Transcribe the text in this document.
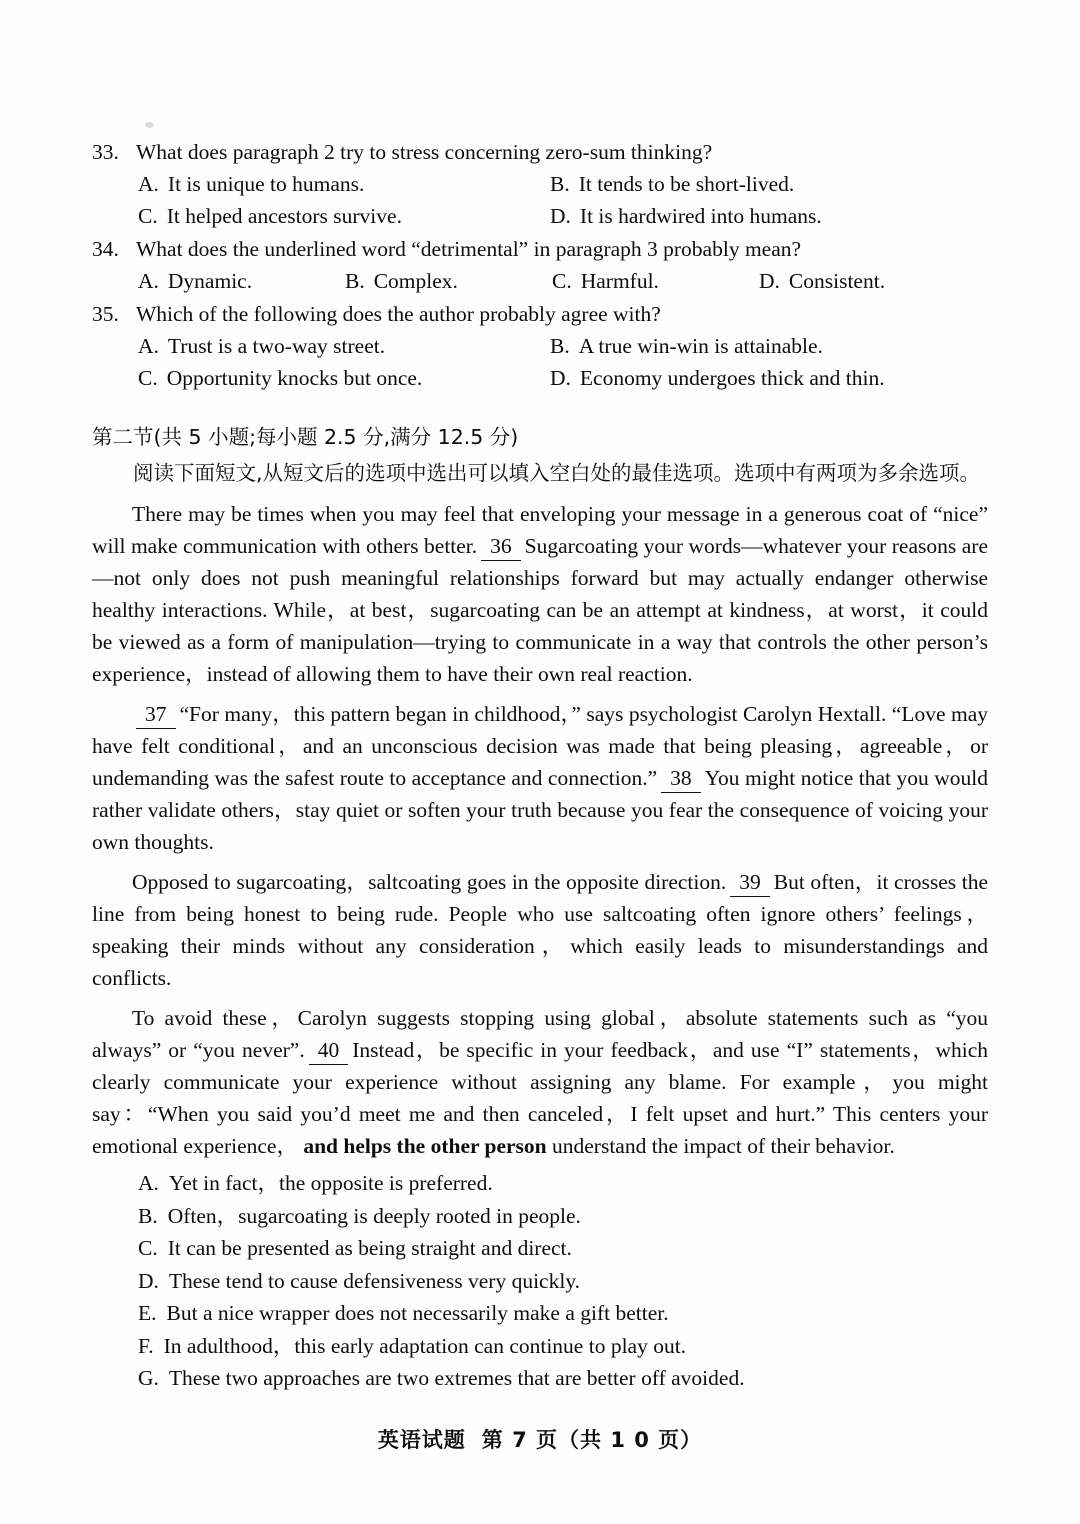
33. What does paragraph 2 try to stress concerning zero-sum thinking?
A. It is unique to humans.	B. It tends to be short-lived.
C. It helped ancestors survive.	D. It is hardwired into humans.
34. What does the underlined word “detrimental” in paragraph 3 probably mean?
A. Dynamic.	B. Complex.	C. Harmful.	D. Consistent.
35. Which of the following does the author probably agree with?
A. Trust is a two-way street.	B. A true win-win is attainable.
C. Opportunity knocks but once.	D. Economy undergoes thick and thin.
第二节(共 5 小题;每小题 2.5 分,满分 12.5 分)
阅读下面短文,从短文后的选项中选出可以填入空白处的最佳选项。选项中有两项为多余选项。
There may be times when you may feel that enveloping your message in a generous coat of “nice” will make communication with others better. 36 Sugarcoating your words—whatever your reasons are—not only does not push meaningful relationships forward but may actually endanger otherwise healthy interactions. While，at best，sugarcoating can be an attempt at kindness，at worst，it could be viewed as a form of manipulation—trying to communicate in a way that controls the other person’s experience，instead of allowing them to have their own real reaction.
37 “For many，this pattern began in childhood，” says psychologist Carolyn Hextall. “Love may have felt conditional，and an unconscious decision was made that being pleasing，agreeable，or undemanding was the safest route to acceptance and connection.” 38 You might notice that you would rather validate others，stay quiet or soften your truth because you fear the consequence of voicing your own thoughts.
Opposed to sugarcoating，saltcoating goes in the opposite direction. 39 But often，it crosses the line from being honest to being rude. People who use saltcoating often ignore others’ feelings，speaking their minds without any consideration，which easily leads to misunderstandings and conflicts.
To avoid these，Carolyn suggests stopping using global，absolute statements such as “you always” or “you never”. 40 Instead，be specific in your feedback，and use “I” statements，which clearly communicate your experience without assigning any blame. For example，you might say：“When you said you’d meet me and then canceled，I felt upset and hurt.” This centers your emotional experience， and helps the other person understand the impact of their behavior.
A. Yet in fact，the opposite is preferred.
B. Often，sugarcoating is deeply rooted in people.
C. It can be presented as being straight and direct.
D. These tend to cause defensiveness very quickly.
E. But a nice wrapper does not necessarily make a gift better.
F. In adulthood，this early adaptation can continue to play out.
G. These two approaches are two extremes that are better off avoided.
英语试题 第 7 页（共 1 0 页）
